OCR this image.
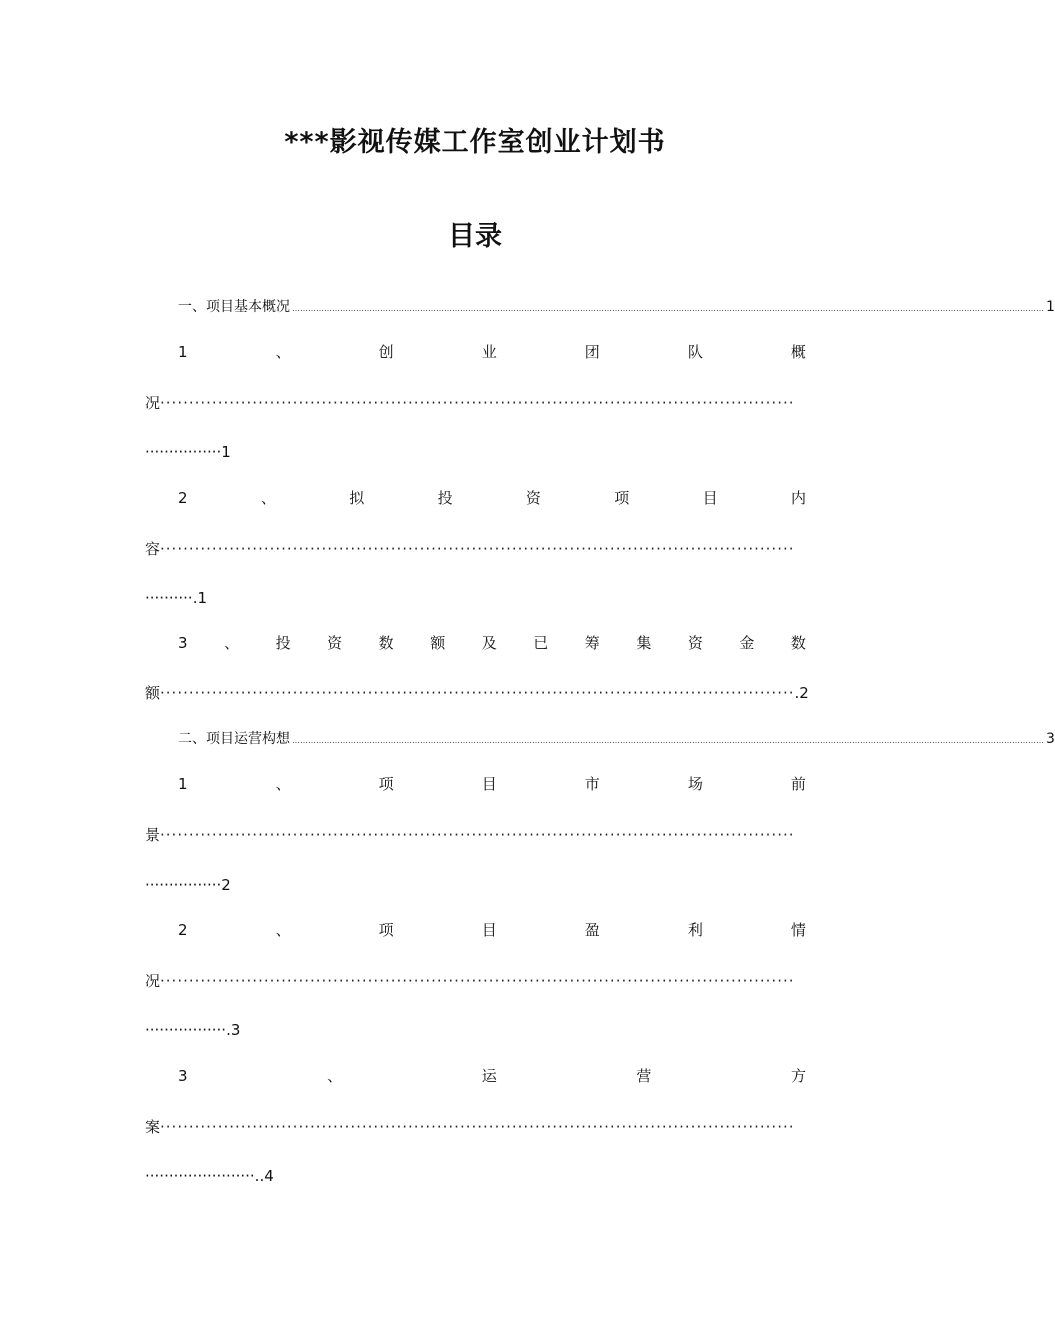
***影视传媒工作室创业计划书
目录
一、项目基本概况 ………………………………………………………………………………………………………………………………………………………………………………………………………………………………………………………… 1
1	、	创	业	团	队	概
况 ··············································································································
················ 1
2	、	拟	投	资	项	目	内
容 ··············································································································
·········· .1
3 、 投 资 数 额 及 已 筹 集 资 金 数
额 ·············································································································· .2
二、项目运营构想 ………………………………………………………………………………………………………………………………………………………………………………………………………………………………………………………… 3
1	、	项	目	市	场	前
景 ··············································································································
················ 2
2	、	项	目	盈	利	情
况 ··············································································································
················· .3
3	、	运	营	方
案 ··············································································································
······················· ..4
